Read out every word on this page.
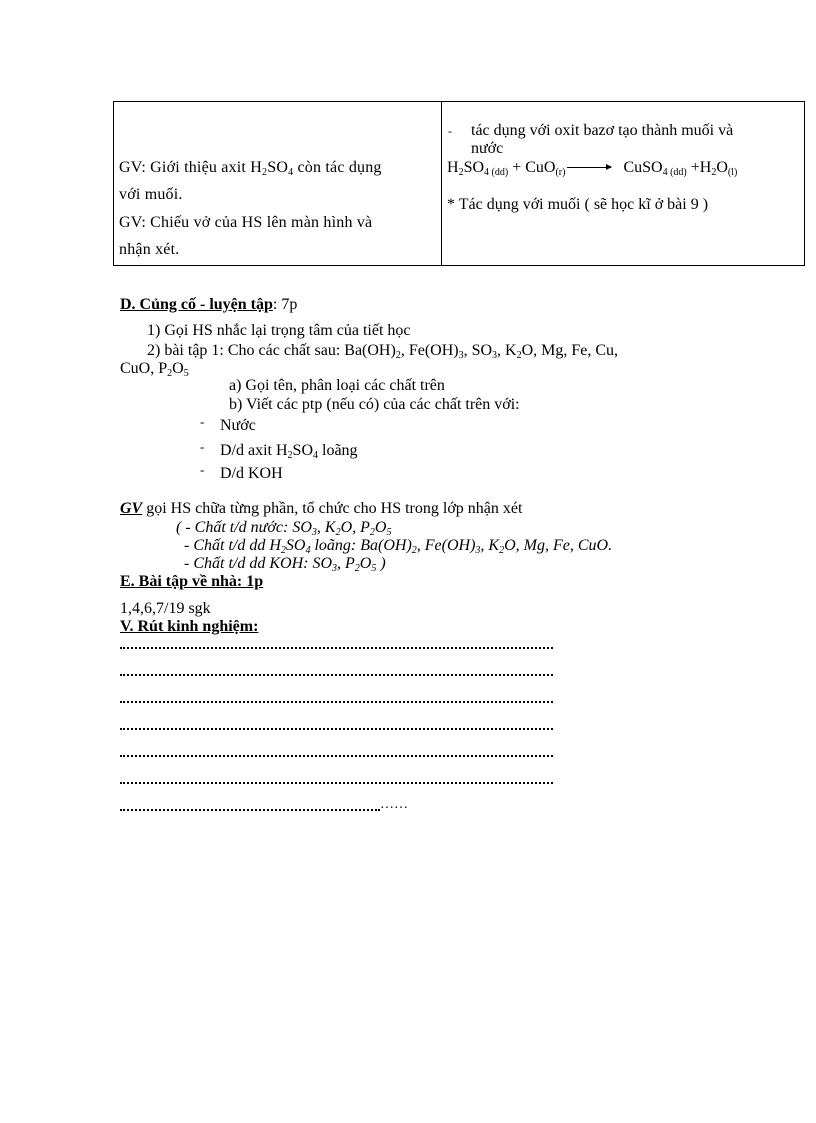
GV: Giới thiệu axit $H_2SO_4$ còn tác dụng
với muối.
GV: Chiếu vở của HS lên màn hình và
nhận xét.

- tác dụng với oxit bazơ tạo thành muối và
nước
$H_2SO_{4 (dd)} + CuO_{(r)}$	CuSO$_{4 (dd)}$ $+H_2O_{(l)}$
* Tác dụng với muối ( sẽ học kĩ ở bài 9 )
D. Củng cố - luyện tập: 7p
1) Gọi HS nhắc lại trọng tâm của tiết học
2) bài tập 1: Cho các chất sau: $Ba(OH)_2$, $Fe(OH)_3$, $SO_3$, $K_2O$, Mg, Fe, Cu,
CuO, $P_2O_5$
a) Gọi tên, phân loại các chất trên
b) Viết các ptp (nếu có) của các chất trên với:
- Nước
- D/d axit $H_2SO_4$ loãng
- D/d KOH
GV gọi HS chữa từng phần, tổ chức cho HS trong lớp nhận xét
( - Chất t/d nước: $SO_3$, $K_2O$, $P_2O_5$
- Chất t/d dd $H_2SO_4$ loãng: $Ba(OH)_2$, $Fe(OH)_3$, $K_2O$, Mg, Fe, CuO.
- Chất t/d dd KOH: $SO_3$, $P_2O_5$ )
E. Bài tập về nhà: 1p
1,4,6,7/19 sgk
V. Rút kinh nghiệm:
……
